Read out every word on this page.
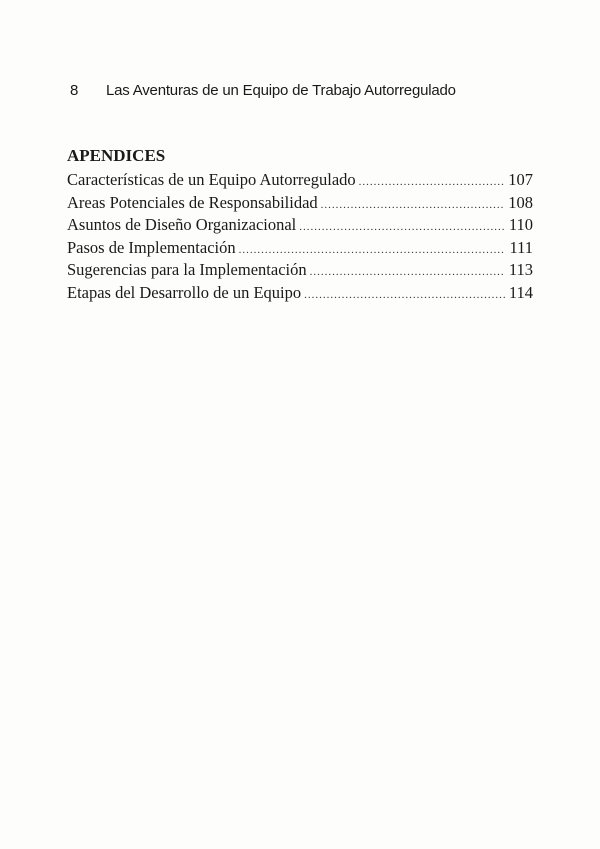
8 Las Aventuras de un Equipo de Trabajo Autorregulado
APENDICES
Características de un Equipo Autorregulado .....	107
Areas Potenciales de Responsabilidad .....	108
Asuntos de Diseño Organizacional .....	110
Pasos de Implementación .....	111
Sugerencias para la Implementación .....	113
Etapas del Desarrollo de un Equipo .....	114
